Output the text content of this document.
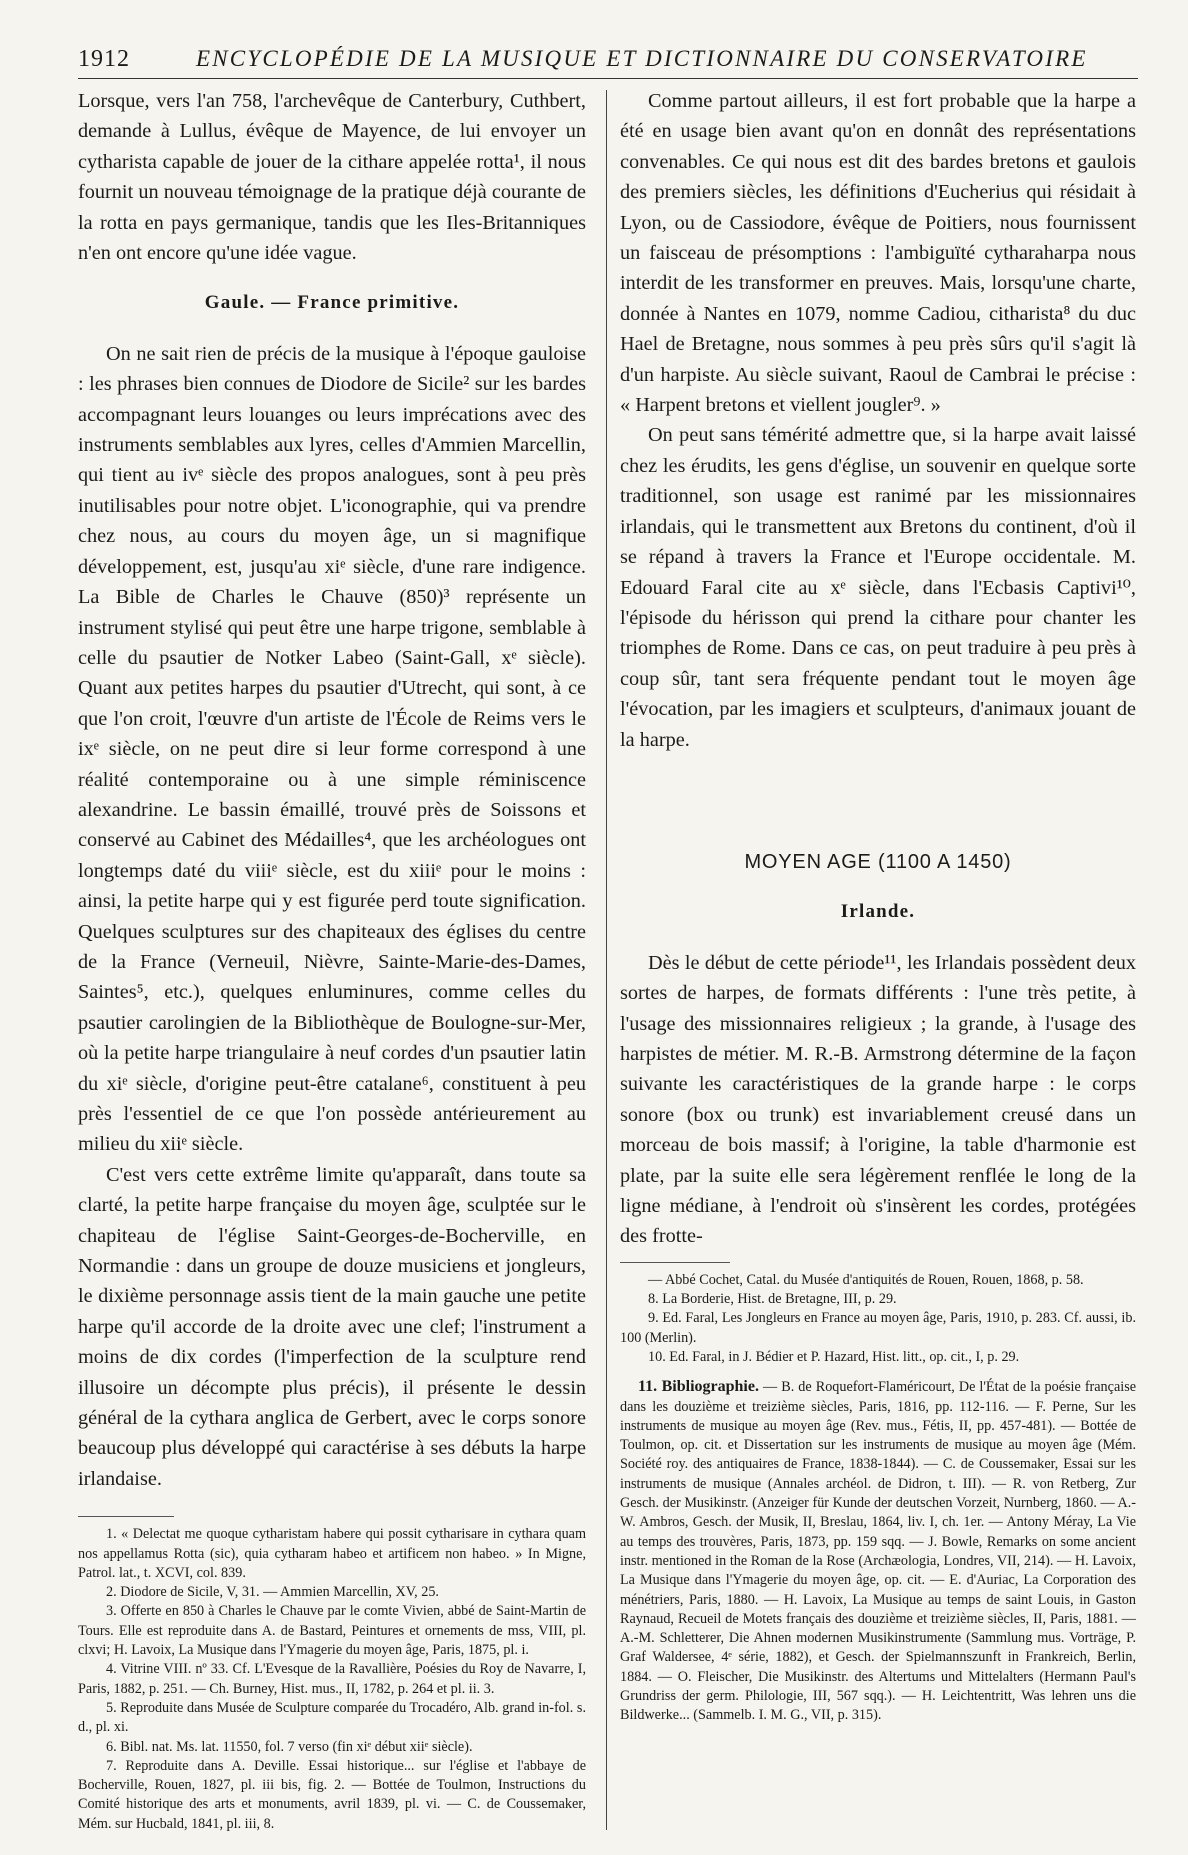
1912	ENCYCLOPÉDIE DE LA MUSIQUE ET DICTIONNAIRE DU CONSERVATOIRE

Lorsque, vers l'an 758, l'archevêque de Canterbury, Cuthbert, demande à Lullus, évêque de Mayence, de lui envoyer un cytharista capable de jouer de la cithare appelée rotta¹, il nous fournit un nouveau témoignage de la pratique déjà courante de la rotta en pays germanique, tandis que les Iles-Britanniques n'en ont encore qu'une idée vague.

Gaule. — France primitive.

On ne sait rien de précis de la musique à l'époque gauloise : les phrases bien connues de Diodore de Sicile² sur les bardes accompagnant leurs louanges ou leurs imprécations avec des instruments semblables aux lyres, celles d'Ammien Marcellin, qui tient au ivᵉ siècle des propos analogues, sont à peu près inutilisables pour notre objet. L'iconographie, qui va prendre chez nous, au cours du moyen âge, un si magnifique développement, est, jusqu'au xiᵉ siècle, d'une rare indigence. La Bible de Charles le Chauve (850)³ représente un instrument stylisé qui peut être une harpe trigone, semblable à celle du psautier de Notker Labeo (Saint-Gall, xᵉ siècle). Quant aux petites harpes du psautier d'Utrecht, qui sont, à ce que l'on croit, l'œuvre d'un artiste de l'École de Reims vers le ixᵉ siècle, on ne peut dire si leur forme correspond à une réalité contemporaine ou à une simple réminiscence alexandrine. Le bassin émaillé, trouvé près de Soissons et conservé au Cabinet des Médailles⁴, que les archéologues ont longtemps daté du viiiᵉ siècle, est du xiiiᵉ pour le moins : ainsi, la petite harpe qui y est figurée perd toute signification. Quelques sculptures sur des chapiteaux des églises du centre de la France (Verneuil, Nièvre, Sainte-Marie-des-Dames, Saintes⁵, etc.), quelques enluminures, comme celles du psautier carolingien de la Bibliothèque de Boulogne-sur-Mer, où la petite harpe triangulaire à neuf cordes d'un psautier latin du xiᵉ siècle, d'origine peut-être catalane⁶, constituent à peu près l'essentiel de ce que l'on possède antérieurement au milieu du xiiᵉ siècle.

C'est vers cette extrême limite qu'apparaît, dans toute sa clarté, la petite harpe française du moyen âge, sculptée sur le chapiteau de l'église Saint-Georges-de-Bocherville, en Normandie : dans un groupe de douze musiciens et jongleurs, le dixième personnage assis tient de la main gauche une petite harpe qu'il accorde de la droite avec une clef; l'instrument a moins de dix cordes (l'imperfection de la sculpture rend illusoire un décompte plus précis), il présente le dessin général de la cythara anglica de Gerbert, avec le corps sonore beaucoup plus développé qui caractérise à ses débuts la harpe irlandaise.

1. « Delectat me quoque cytharistam habere qui possit cytharisare in cythara quam nos appellamus Rotta (sic), quia cytharam habeo et artificem non habeo. » In Migne, Patrol. lat., t. XCVI, col. 839.

2. Diodore de Sicile, V, 31. — Ammien Marcellin, XV, 25.

3. Offerte en 850 à Charles le Chauve par le comte Vivien, abbé de Saint-Martin de Tours. Elle est reproduite dans A. de Bastard, Peintures et ornements de mss, VIII, pl. clxvi; H. Lavoix, La Musique dans l'Ymagerie du moyen âge, Paris, 1875, pl. i.

4. Vitrine VIII. nº 33. Cf. L'Evesque de la Ravallière, Poésies du Roy de Navarre, I, Paris, 1882, p. 251. — Ch. Burney, Hist. mus., II, 1782, p. 264 et pl. ii. 3.

5. Reproduite dans Musée de Sculpture comparée du Trocadéro, Alb. grand in-fol. s. d., pl. xi.

6. Bibl. nat. Ms. lat. 11550, fol. 7 verso (fin xiᵉ début xiiᵉ siècle).

7. Reproduite dans A. Deville. Essai historique... sur l'église et l'abbaye de Bocherville, Rouen, 1827, pl. iii bis, fig. 2. — Bottée de Toulmon, Instructions du Comité historique des arts et monuments, avril 1839, pl. vi. — C. de Coussemaker, Mém. sur Hucbald, 1841, pl. iii, 8.

Comme partout ailleurs, il est fort probable que la harpe a été en usage bien avant qu'on en donnât des représentations convenables. Ce qui nous est dit des bardes bretons et gaulois des premiers siècles, les définitions d'Eucherius qui résidait à Lyon, ou de Cassiodore, évêque de Poitiers, nous fournissent un faisceau de présomptions : l'ambiguïté cytharaharpa nous interdit de les transformer en preuves. Mais, lorsqu'une charte, donnée à Nantes en 1079, nomme Cadiou, citharista⁸ du duc Hael de Bretagne, nous sommes à peu près sûrs qu'il s'agit là d'un harpiste. Au siècle suivant, Raoul de Cambrai le précise : « Harpent bretons et viellent jougler⁹. »

On peut sans témérité admettre que, si la harpe avait laissé chez les érudits, les gens d'église, un souvenir en quelque sorte traditionnel, son usage est ranimé par les missionnaires irlandais, qui le transmettent aux Bretons du continent, d'où il se répand à travers la France et l'Europe occidentale. M. Edouard Faral cite au xᵉ siècle, dans l'Ecbasis Captivi¹⁰, l'épisode du hérisson qui prend la cithare pour chanter les triomphes de Rome. Dans ce cas, on peut traduire à peu près à coup sûr, tant sera fréquente pendant tout le moyen âge l'évocation, par les imagiers et sculpteurs, d'animaux jouant de la harpe.

MOYEN AGE (1100 A 1450)
Irlande.

Dès le début de cette période¹¹, les Irlandais possèdent deux sortes de harpes, de formats différents : l'une très petite, à l'usage des missionnaires religieux ; la grande, à l'usage des harpistes de métier. M. R.-B. Armstrong détermine de la façon suivante les caractéristiques de la grande harpe : le corps sonore (box ou trunk) est invariablement creusé dans un morceau de bois massif; à l'origine, la table d'harmonie est plate, par la suite elle sera légèrement renflée le long de la ligne médiane, à l'endroit où s'insèrent les cordes, protégées des frotte-

— Abbé Cochet, Catal. du Musée d'antiquités de Rouen, Rouen, 1868, p. 58.

8. La Borderie, Hist. de Bretagne, III, p. 29.

9. Ed. Faral, Les Jongleurs en France au moyen âge, Paris, 1910, p. 283. Cf. aussi, ib. 100 (Merlin).

10. Ed. Faral, in J. Bédier et P. Hazard, Hist. litt., op. cit., I, p. 29.

11. Bibliographie. — B. de Roquefort-Flaméricourt, De l'État de la poésie française dans les douzième et treizième siècles, Paris, 1816, pp. 112-116. — F. Perne, Sur les instruments de musique au moyen âge (Rev. mus., Fétis, II, pp. 457-481). — Bottée de Toulmon, op. cit. et Dissertation sur les instruments de musique au moyen âge (Mém. Société roy. des antiquaires de France, 1838-1844). — C. de Coussemaker, Essai sur les instruments de musique (Annales archéol. de Didron, t. III). — R. von Retberg, Zur Gesch. der Musikinstr. (Anzeiger für Kunde der deutschen Vorzeit, Nurnberg, 1860. — A.-W. Ambros, Gesch. der Musik, II, Breslau, 1864, liv. I, ch. 1er. — Antony Méray, La Vie au temps des trouvères, Paris, 1873, pp. 159 sqq. — J. Bowle, Remarks on some ancient instr. mentioned in the Roman de la Rose (Archæologia, Londres, VII, 214). — H. Lavoix, La Musique dans l'Ymagerie du moyen âge, op. cit. — E. d'Auriac, La Corporation des ménétriers, Paris, 1880. — H. Lavoix, La Musique au temps de saint Louis, in Gaston Raynaud, Recueil de Motets français des douzième et treizième siècles, II, Paris, 1881. — A.-M. Schletterer, Die Ahnen modernen Musikinstrumente (Sammlung mus. Vorträge, P. Graf Waldersee, 4ᵉ série, 1882), et Gesch. der Spielmannszunft in Frankreich, Berlin, 1884. — O. Fleischer, Die Musikinstr. des Altertums und Mittelalters (Hermann Paul's Grundriss der germ. Philologie, III, 567 sqq.). — H. Leichtentritt, Was lehren uns die Bildwerke... (Sammelb. I. M. G., VII, p. 315).
